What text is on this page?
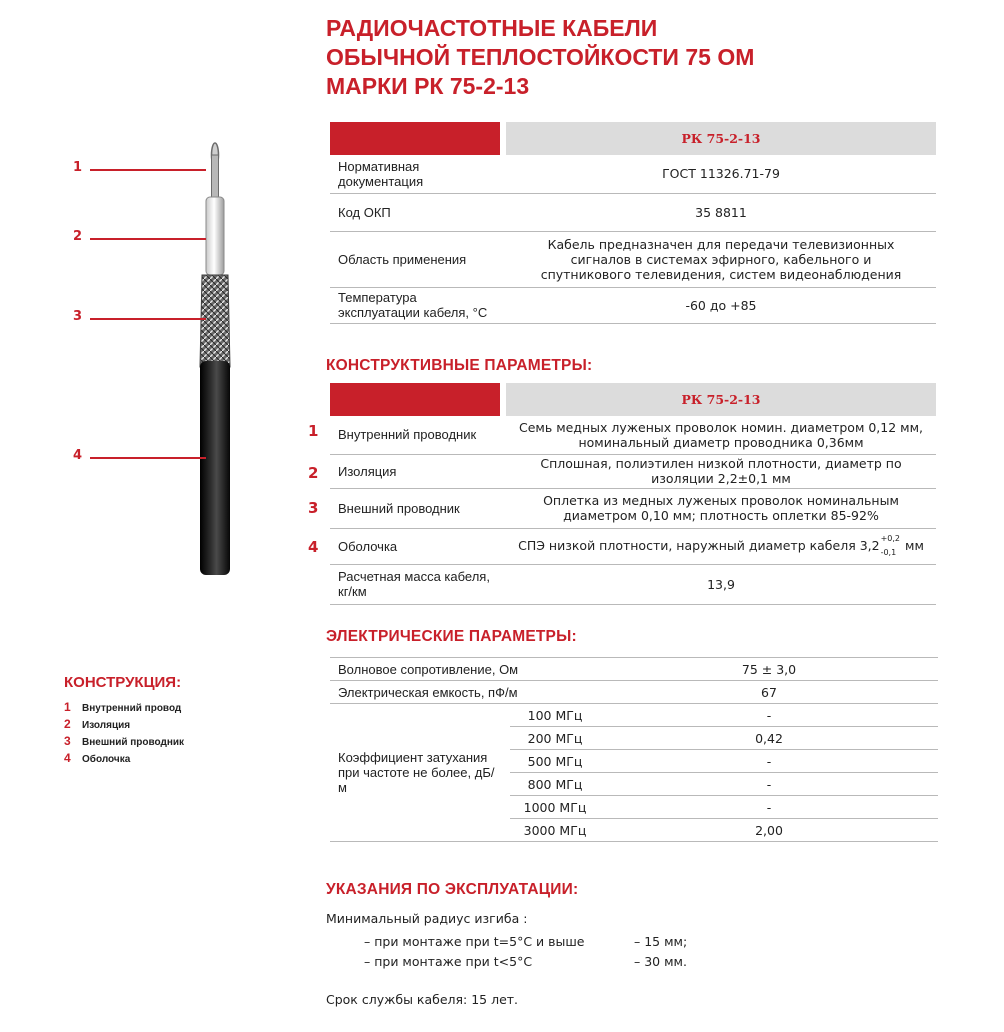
РАДИОЧАСТОТНЫЕ КАБЕЛИ
ОБЫЧНОЙ ТЕПЛОСТОЙКОСТИ 75 ОМ
МАРКИ РК 75-2-13
1
2
3
4
КОНСТРУКЦИЯ:
1 Внутренний провод
2 Изоляция
3 Внешний проводник
4 Оболочка
		РК 75-2-13
Нормативная документация		ГОСТ 11326.71-79
Код ОКП		35 8811
Область применения		Кабель предназначен для передачи телевизионных сигналов в системах эфирного, кабельного и спутникового телевидения, систем видеонаблюдения
Температура эксплуатации кабеля, °С		-60 до +85
КОНСТРУКТИВНЫЕ ПАРАМЕТРЫ:
1
2
3
4
		РК 75-2-13
Внутренний проводник		Семь медных луженых проволок номин. диаметром 0,12 мм, номинальный диаметр проводника 0,36мм
Изоляция		Сплошная, полиэтилен низкой плотности, диаметр по изоляции 2,2±0,1 мм
Внешний проводник		Оплетка из медных луженых проволок номинальным диаметром 0,10 мм; плотность оплетки 85-92%
Оболочка		СПЭ низкой плотности, наружный диаметр кабеля 3,2 +0,2
-0,1 мм
Расчетная масса кабеля, кг/км		13,9
ЭЛЕКТРИЧЕСКИЕ ПАРАМЕТРЫ:
Волновое сопротивление, Ом		75 ± 3,0
Электрическая емкость, пФ/м		67
Коэффициент затухания при частоте не более, дБ/м	100 МГц	-
	200 МГц	0,42
	500 МГц	-
	800 МГц	-
	1000 МГц	-
	3000 МГц	2,00
УКАЗАНИЯ ПО ЭКСПЛУАТАЦИИ:
Минимальный радиус изгиба :
– при монтаже при t=5°С и выше	– 15 мм;
– при монтаже при t<5°С	– 30 мм.
Срок службы кабеля: 15 лет.
